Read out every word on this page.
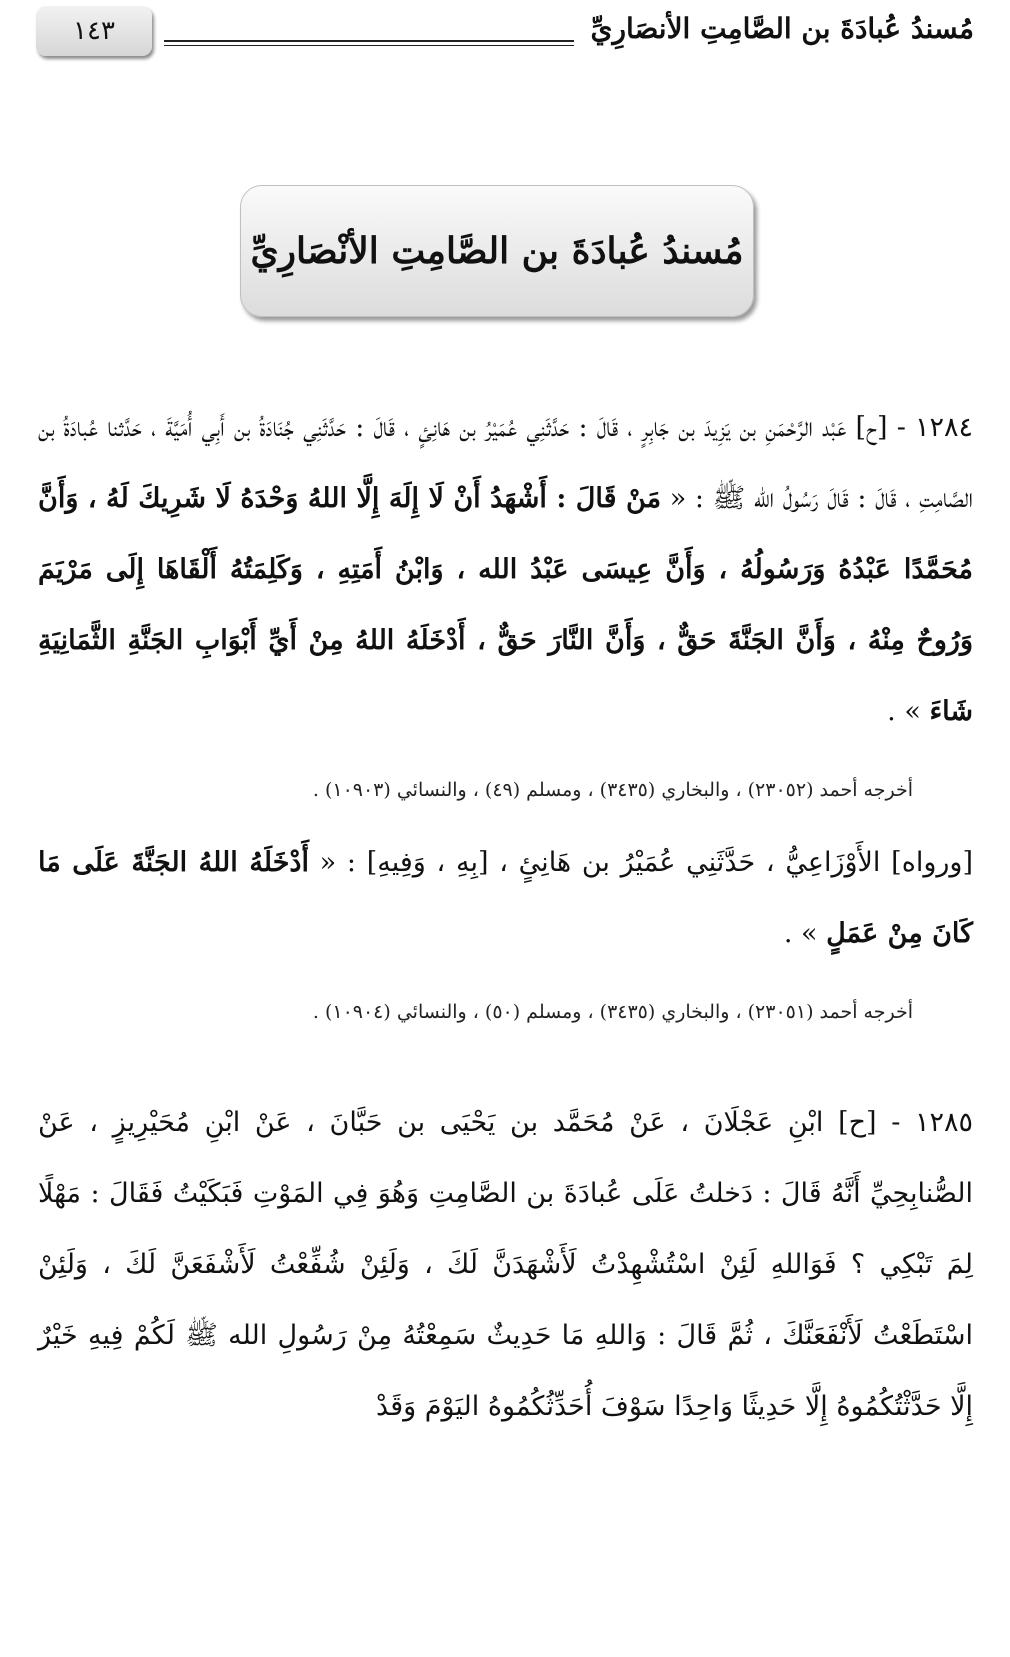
١٤٣	مُسندُ عُبادَةَ بن الصَّامِتِ الأنصَارِيِّ
مُسندُ عُبادَةَ بن الصَّامِتِ الأنْصَارِيِّ

١٢٨٤ - [ح] عَبْد الرَّحْمَنِ بن يَزِيدَ بن جَابِرٍ ، قَالَ : حَدَّثَنِي عُمَيْرُ بن هَانِئٍ ، قَالَ : حَدَّثَنِي جُنَادَةُ بن أَبِي أُمَيَّةَ ، حَدَّثنا عُبادَةُ بن الصَّامِتِ ، قَالَ : قَالَ رَسُولُ الله ﷺ : « مَنْ قَالَ : أَشْهَدُ أَنْ لَا إِلَهَ إِلَّا اللهُ وَحْدَهُ لَا شَرِيكَ لَهُ ، وَأَنَّ مُحَمَّدًا عَبْدُهُ وَرَسُولُهُ ، وَأَنَّ عِيسَى عَبْدُ الله ، وَابْنُ أَمَتِهِ ، وَكَلِمَتُهُ أَلْقَاهَا إِلَى مَرْيَمَ وَرُوحٌ مِنْهُ ، وَأَنَّ الجَنَّةَ حَقٌّ ، وَأَنَّ النَّارَ حَقٌّ ، أَدْخَلَهُ اللهُ مِنْ أَيِّ أَبْوَابِ الجَنَّةِ الثَّمَانِيَةِ شَاءَ » .

أخرجه أحمد (٢٣٠٥٢) ، والبخاري (٣٤٣٥) ، ومسلم (٤٩) ، والنسائي (١٠٩٠٣) .

[ورواه] الأَوْزَاعِيُّ ، حَدَّثَنِي عُمَيْرُ بن هَانِئٍ ، [بِهِ ، وَفِيهِ] : « أَدْخَلَهُ اللهُ الجَنَّةَ عَلَى مَا كَانَ مِنْ عَمَلٍ » .

أخرجه أحمد (٢٣٠٥١) ، والبخاري (٣٤٣٥) ، ومسلم (٥٠) ، والنسائي (١٠٩٠٤) .

١٢٨٥ - [ح] ابْنِ عَجْلَانَ ، عَنْ مُحَمَّد بن يَحْيَى بن حَبَّانَ ، عَنْ ابْنِ مُحَيْرِيزٍ ، عَنْ الصُّنابِحِيِّ أَنَّهُ قَالَ : دَخلتُ عَلَى عُبادَةَ بن الصَّامِتِ وَهُوَ فِي المَوْتِ فَبَكَيْتُ فَقَالَ : مَهْلًا لِمَ تَبْكِي ؟ فَوَاللهِ لَئِنْ اسْتُشْهِدْتُ لَأَشْهَدَنَّ لَكَ ، وَلَئِنْ شُفِّعْتُ لَأَشْفَعَنَّ لَكَ ، وَلَئِنْ اسْتَطَعْتُ لَأَنْفَعَنَّكَ ، ثُمَّ قَالَ : وَاللهِ مَا حَدِيثٌ سَمِعْتُهُ مِنْ رَسُولِ الله ﷺ لَكُمْ فِيهِ خَيْرٌ إِلَّا حَدَّثْتُكُمُوهُ إِلَّا حَدِيثًا وَاحِدًا سَوْفَ أُحَدِّثُكُمُوهُ اليَوْمَ وَقَدْ
